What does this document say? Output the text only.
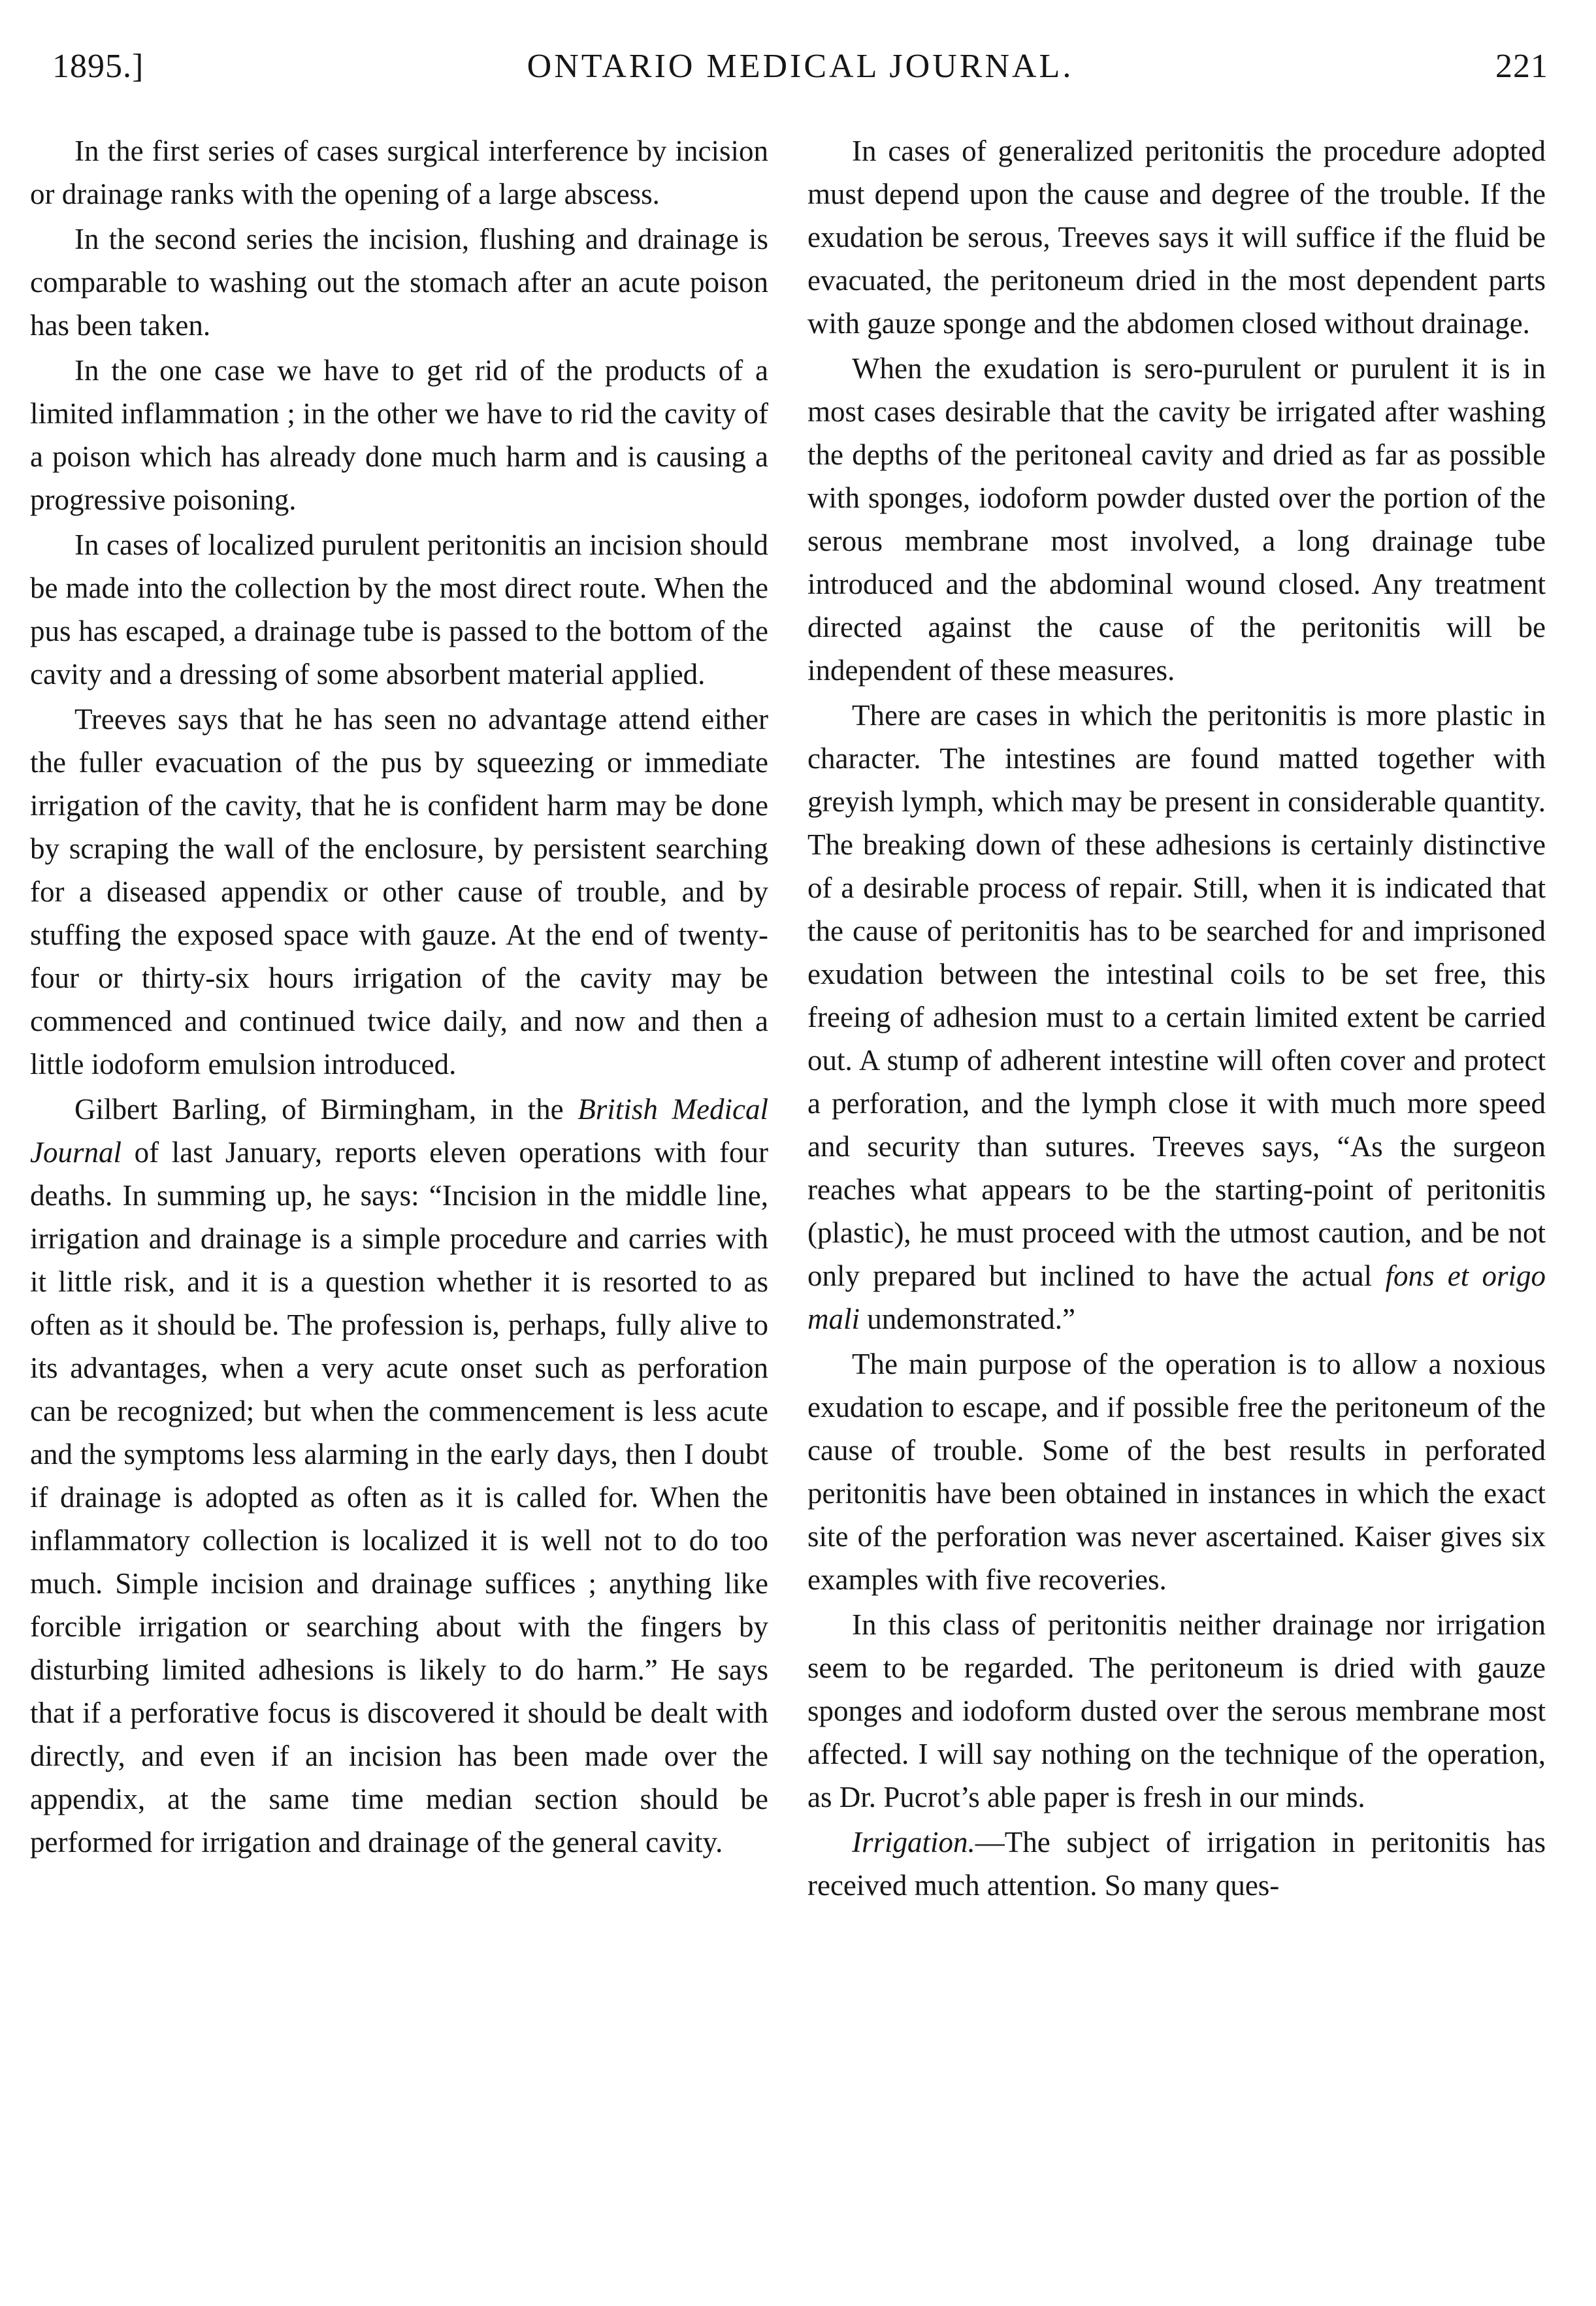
1895.]	ONTARIO MEDICAL JOURNAL.	221

In the first series of cases surgical interference by incision or drainage ranks with the opening of a large abscess.

In the second series the incision, flushing and drainage is comparable to washing out the stomach after an acute poison has been taken.

In the one case we have to get rid of the products of a limited inflammation ; in the other we have to rid the cavity of a poison which has already done much harm and is causing a progressive poisoning.

In cases of localized purulent peritonitis an incision should be made into the collection by the most direct route. When the pus has escaped, a drainage tube is passed to the bottom of the cavity and a dressing of some absorbent material applied.

Treeves says that he has seen no advantage attend either the fuller evacuation of the pus by squeezing or immediate irrigation of the cavity, that he is confident harm may be done by scraping the wall of the enclosure, by persistent searching for a diseased appendix or other cause of trouble, and by stuffing the exposed space with gauze. At the end of twenty-four or thirty-six hours irrigation of the cavity may be commenced and continued twice daily, and now and then a little iodoform emulsion introduced.

Gilbert Barling, of Birmingham, in the British Medical Journal of last January, reports eleven operations with four deaths. In summing up, he says: “Incision in the middle line, irrigation and drainage is a simple procedure and carries with it little risk, and it is a question whether it is resorted to as often as it should be. The profession is, perhaps, fully alive to its advantages, when a very acute onset such as perforation can be recognized; but when the commencement is less acute and the symptoms less alarming in the early days, then I doubt if drainage is adopted as often as it is called for. When the inflammatory collection is localized it is well not to do too much. Simple incision and drainage suffices ; anything like forcible irrigation or searching about with the fingers by disturbing limited adhesions is likely to do harm.” He says that if a perforative focus is discovered it should be dealt with directly, and even if an incision has been made over the appendix, at the same time median section should be performed for irrigation and drainage of the general cavity.

In cases of generalized peritonitis the procedure adopted must depend upon the cause and degree of the trouble. If the exudation be serous, Treeves says it will suffice if the fluid be evacuated, the peritoneum dried in the most dependent parts with gauze sponge and the abdomen closed without drainage.

When the exudation is sero-purulent or purulent it is in most cases desirable that the cavity be irrigated after washing the depths of the peritoneal cavity and dried as far as possible with sponges, iodoform powder dusted over the portion of the serous membrane most involved, a long drainage tube introduced and the abdominal wound closed. Any treatment directed against the cause of the peritonitis will be independent of these measures.

There are cases in which the peritonitis is more plastic in character. The intestines are found matted together with greyish lymph, which may be present in considerable quantity. The breaking down of these adhesions is certainly distinctive of a desirable process of repair. Still, when it is indicated that the cause of peritonitis has to be searched for and imprisoned exudation between the intestinal coils to be set free, this freeing of adhesion must to a certain limited extent be carried out. A stump of adherent intestine will often cover and protect a perforation, and the lymph close it with much more speed and security than sutures. Treeves says, “As the surgeon reaches what appears to be the starting-point of peritonitis (plastic), he must proceed with the utmost caution, and be not only prepared but inclined to have the actual fons et origo mali undemonstrated.”

The main purpose of the operation is to allow a noxious exudation to escape, and if possible free the peritoneum of the cause of trouble. Some of the best results in perforated peritonitis have been obtained in instances in which the exact site of the perforation was never ascertained. Kaiser gives six examples with five recoveries.

In this class of peritonitis neither drainage nor irrigation seem to be regarded. The peritoneum is dried with gauze sponges and iodoform dusted over the serous membrane most affected. I will say nothing on the technique of the operation, as Dr. Pucrot’s able paper is fresh in our minds.

Irrigation.—The subject of irrigation in peritonitis has received much attention. So many ques-
